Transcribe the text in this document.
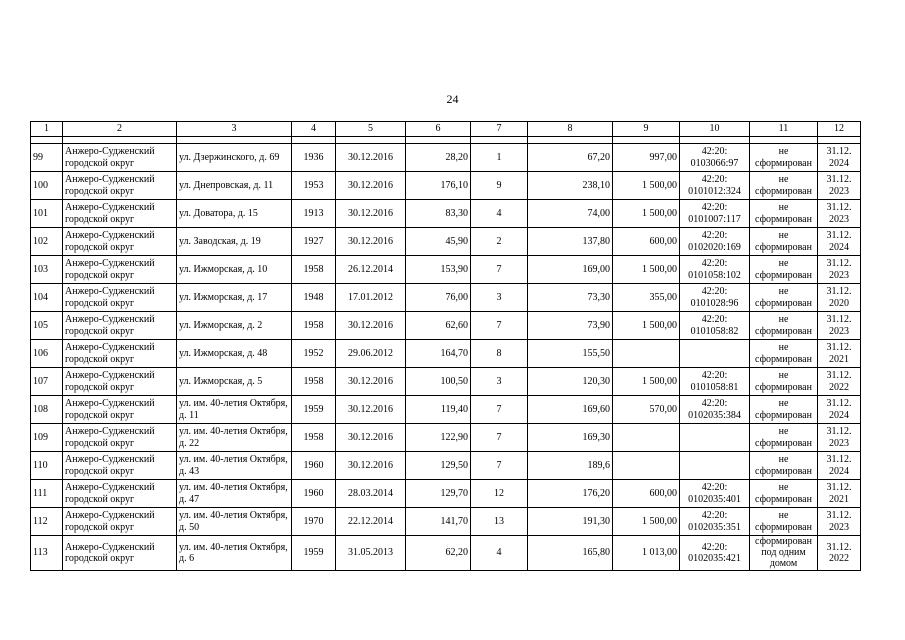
24
1	2	3	4	5	6	7	8	9	10	11	12

99	Анжеро-Судженский городской округ	ул. Дзержинского, д. 69	1936	30.12.2016	28,20	1	67,20	997,00	42:20: 0103066:97	не сформирован	31.12. 2024
100	Анжеро-Судженский городской округ	ул. Днепровская, д. 11	1953	30.12.2016	176,10	9	238,10	1 500,00	42:20: 0101012:324	не сформирован	31.12. 2023
101	Анжеро-Судженский городской округ	ул. Доватора, д. 15	1913	30.12.2016	83,30	4	74,00	1 500,00	42:20: 0101007:117	не сформирован	31.12. 2023
102	Анжеро-Судженский городской округ	ул. Заводская, д. 19	1927	30.12.2016	45,90	2	137,80	600,00	42:20: 0102020:169	не сформирован	31.12. 2024
103	Анжеро-Судженский городской округ	ул. Ижморская, д. 10	1958	26.12.2014	153,90	7	169,00	1 500,00	42:20: 0101058:102	не сформирован	31.12. 2023
104	Анжеро-Судженский городской округ	ул. Ижморская, д. 17	1948	17.01.2012	76,00	3	73,30	355,00	42:20: 0101028:96	не сформирован	31.12. 2020
105	Анжеро-Судженский городской округ	ул. Ижморская, д. 2	1958	30.12.2016	62,60	7	73,90	1 500,00	42:20: 0101058:82	не сформирован	31.12. 2023
106	Анжеро-Судженский городской округ	ул. Ижморская, д. 48	1952	29.06.2012	164,70	8	155,50			не сформирован	31.12. 2021
107	Анжеро-Судженский городской округ	ул. Ижморская, д. 5	1958	30.12.2016	100,50	3	120,30	1 500,00	42:20: 0101058:81	не сформирован	31.12. 2022
108	Анжеро-Судженский городской округ	ул. им. 40-летия Октября, д. 11	1959	30.12.2016	119,40	7	169,60	570,00	42:20: 0102035:384	не сформирован	31.12. 2024
109	Анжеро-Судженский городской округ	ул. им. 40-летия Октября, д. 22	1958	30.12.2016	122,90	7	169,30			не сформирован	31.12. 2023
110	Анжеро-Судженский городской округ	ул. им. 40-летия Октября, д. 43	1960	30.12.2016	129,50	7	189,6			не сформирован	31.12. 2024
111	Анжеро-Судженский городской округ	ул. им. 40-летия Октября, д. 47	1960	28.03.2014	129,70	12	176,20	600,00	42:20: 0102035:401	не сформирован	31.12. 2021
112	Анжеро-Судженский городской округ	ул. им. 40-летия Октября, д. 50	1970	22.12.2014	141,70	13	191,30	1 500,00	42:20: 0102035:351	не сформирован	31.12. 2023
113	Анжеро-Судженский городской округ	ул. им. 40-летия Октября, д. 6	1959	31.05.2013	62,20	4	165,80	1 013,00	42:20: 0102035:421	сформирован под одним домом	31.12. 2022
